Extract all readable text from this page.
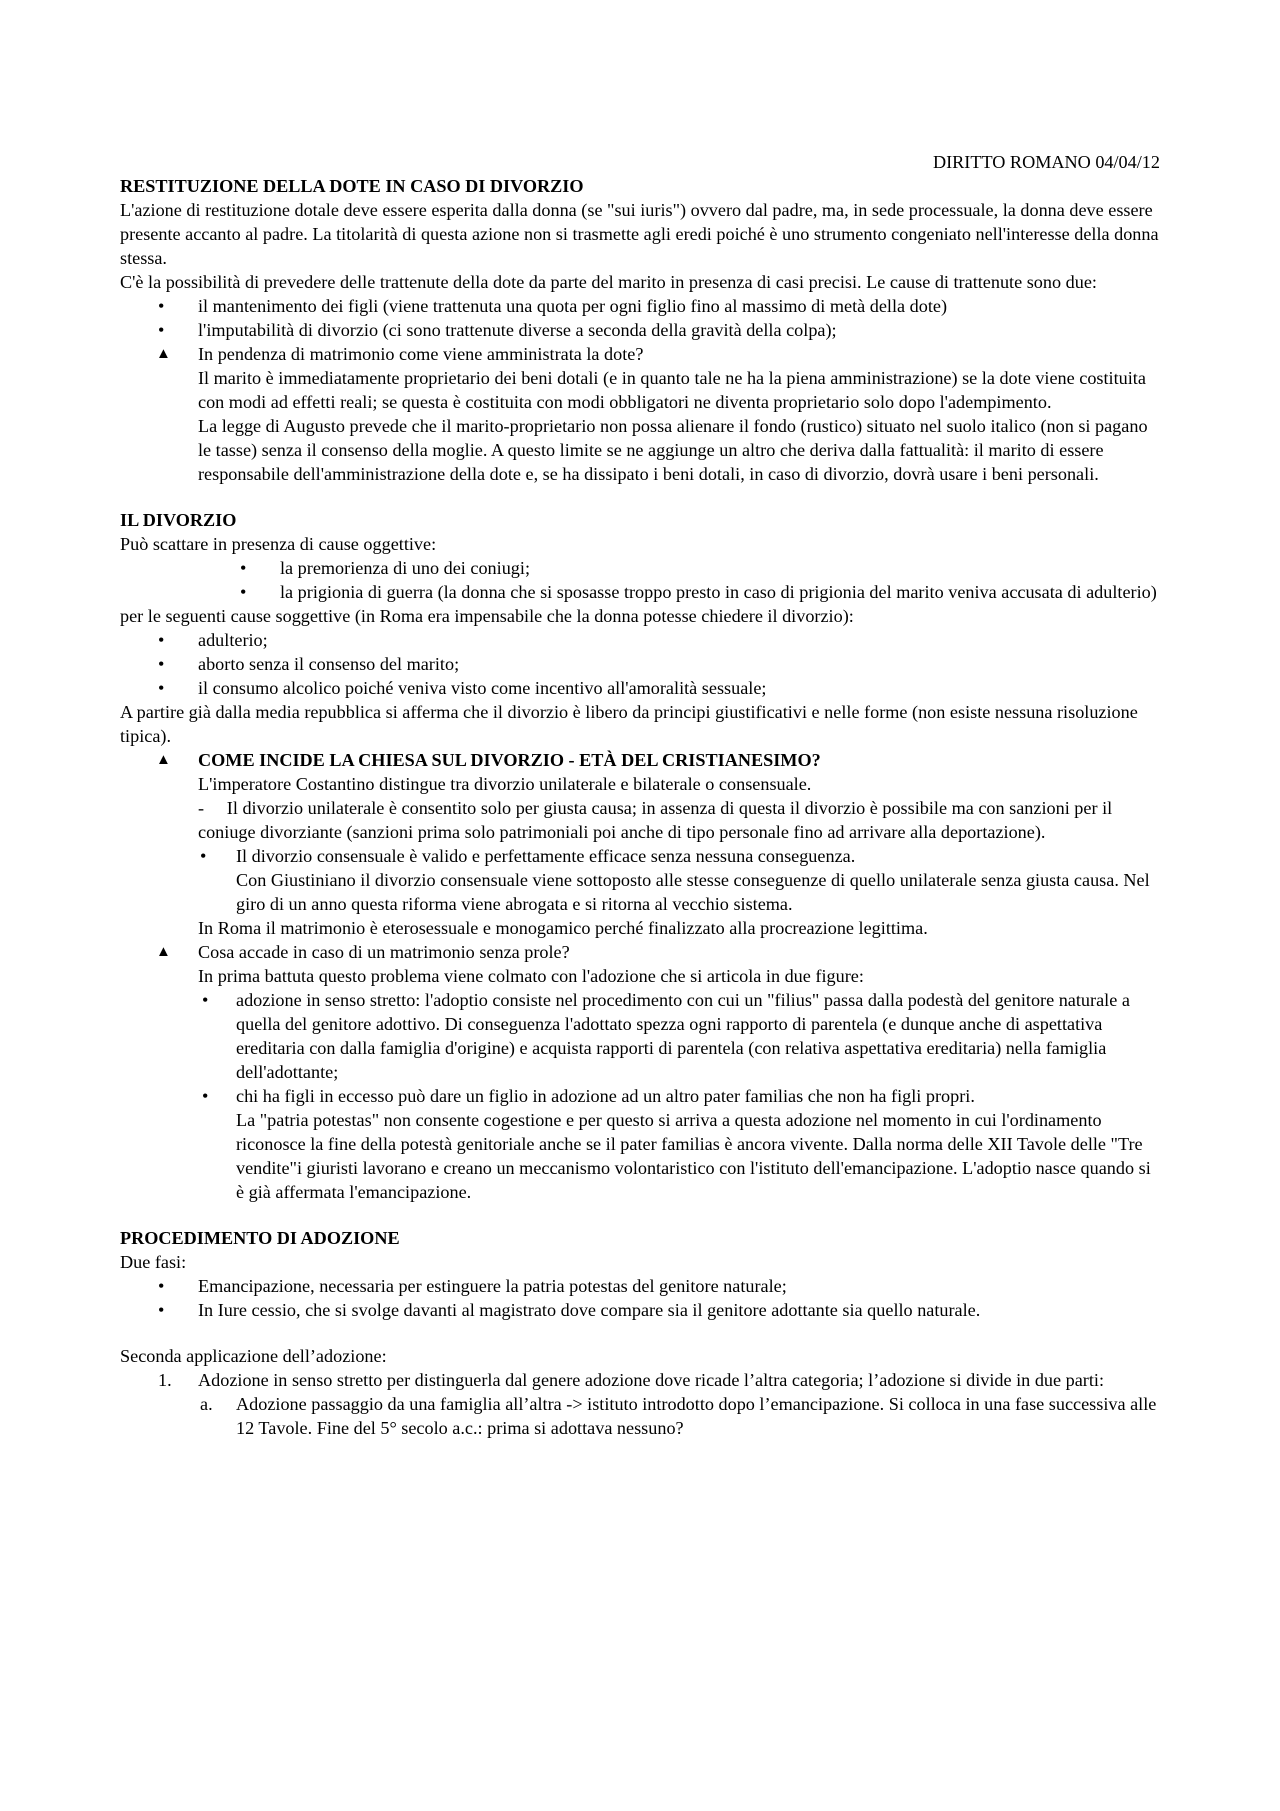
DIRITTO ROMANO 04/04/12

RESTITUZIONE DELLA DOTE IN CASO DI DIVORZIO

L'azione di restituzione dotale deve essere esperita dalla donna (se "sui iuris") ovvero dal padre, ma, in sede processuale, la donna deve essere presente accanto al padre. La titolarità di questa azione non si trasmette agli eredi poiché è uno strumento congeniato nell'interesse della donna stessa.

C'è la possibilità di prevedere delle trattenute della dote da parte del marito in presenza di casi precisi. Le cause di trattenute sono due:

• il mantenimento dei figli (viene trattenuta una quota per ogni figlio fino al massimo di metà della dote)
• l'imputabilità di divorzio (ci sono trattenute diverse a seconda della gravità della colpa);
▲ In pendenza di matrimonio come viene amministrata la dote?

Il marito è immediatamente proprietario dei beni dotali (e in quanto tale ne ha la piena amministrazione) se la dote viene costituita con modi ad effetti reali; se questa è costituita con modi obbligatori ne diventa proprietario solo dopo l'adempimento.

La legge di Augusto prevede che il marito-proprietario non possa alienare il fondo (rustico) situato nel suolo italico (non si pagano le tasse) senza il consenso della moglie. A questo limite se ne aggiunge un altro che deriva dalla fattualità: il marito di essere responsabile dell'amministrazione della dote e, se ha dissipato i beni dotali, in caso di divorzio, dovrà usare i beni personali.

IL DIVORZIO

Può scattare in presenza di cause oggettive:

• la premorienza di uno dei coniugi;
• la prigionia di guerra (la donna che si sposasse troppo presto in caso di prigionia del marito veniva accusata di adulterio)

per le seguenti cause soggettive (in Roma era impensabile che la donna potesse chiedere il divorzio):

• adulterio;
• aborto senza il consenso del marito;
• il consumo alcolico poiché veniva visto come incentivo all'amoralità sessuale;

A partire già dalla media repubblica si afferma che il divorzio è libero da principi giustificativi e nelle forme (non esiste nessuna risoluzione tipica).

▲ COME INCIDE LA CHIESA SUL DIVORZIO - ETÀ DEL CRISTIANESIMO?

L'imperatore Costantino distingue tra divorzio unilaterale e bilaterale o consensuale.

- Il divorzio unilaterale è consentito solo per giusta causa; in assenza di questa il divorzio è possibile ma con sanzioni per il coniuge divorziante (sanzioni prima solo patrimoniali poi anche di tipo personale fino ad arrivare alla deportazione).
• Il divorzio consensuale è valido e perfettamente efficace senza nessuna conseguenza.

Con Giustiniano il divorzio consensuale viene sottoposto alle stesse conseguenze di quello unilaterale senza giusta causa. Nel giro di un anno questa riforma viene abrogata e si ritorna al vecchio sistema.

In Roma il matrimonio è eterosessuale e monogamico perché finalizzato alla procreazione legittima.

▲ Cosa accade in caso di un matrimonio senza prole?

In prima battuta questo problema viene colmato con l'adozione che si articola in due figure:

• adozione in senso stretto: l'adoptio consiste nel procedimento con cui un "filius" passa dalla podestà del genitore naturale a quella del genitore adottivo. Di conseguenza l'adottato spezza ogni rapporto di parentela (e dunque anche di aspettativa ereditaria con dalla famiglia d'origine) e acquista rapporti di parentela (con relativa aspettativa ereditaria) nella famiglia dell'adottante;
• chi ha figli in eccesso può dare un figlio in adozione ad un altro pater familias che non ha figli propri.

La "patria potestas" non consente cogestione e per questo si arriva a questa adozione nel momento in cui l'ordinamento riconosce la fine della potestà genitoriale anche se il pater familias è ancora vivente. Dalla norma delle XII Tavole delle "Tre vendite"i giuristi lavorano e creano un meccanismo volontaristico con l'istituto dell'emancipazione. L'adoptio nasce quando si è già affermata l'emancipazione.

PROCEDIMENTO DI ADOZIONE

Due fasi:

• Emancipazione, necessaria per estinguere la patria potestas del genitore naturale;
• In Iure cessio, che si svolge davanti al magistrato dove compare sia il genitore adottante sia quello naturale.

Seconda applicazione dell’adozione:

1. Adozione in senso stretto per distinguerla dal genere adozione dove ricade l’altra categoria; l’adozione si divide in due parti:
a. Adozione passaggio da una famiglia all’altra -> istituto introdotto dopo l’emancipazione. Si colloca in una fase successiva alle 12 Tavole. Fine del 5° secolo a.c.: prima si adottava nessuno?
